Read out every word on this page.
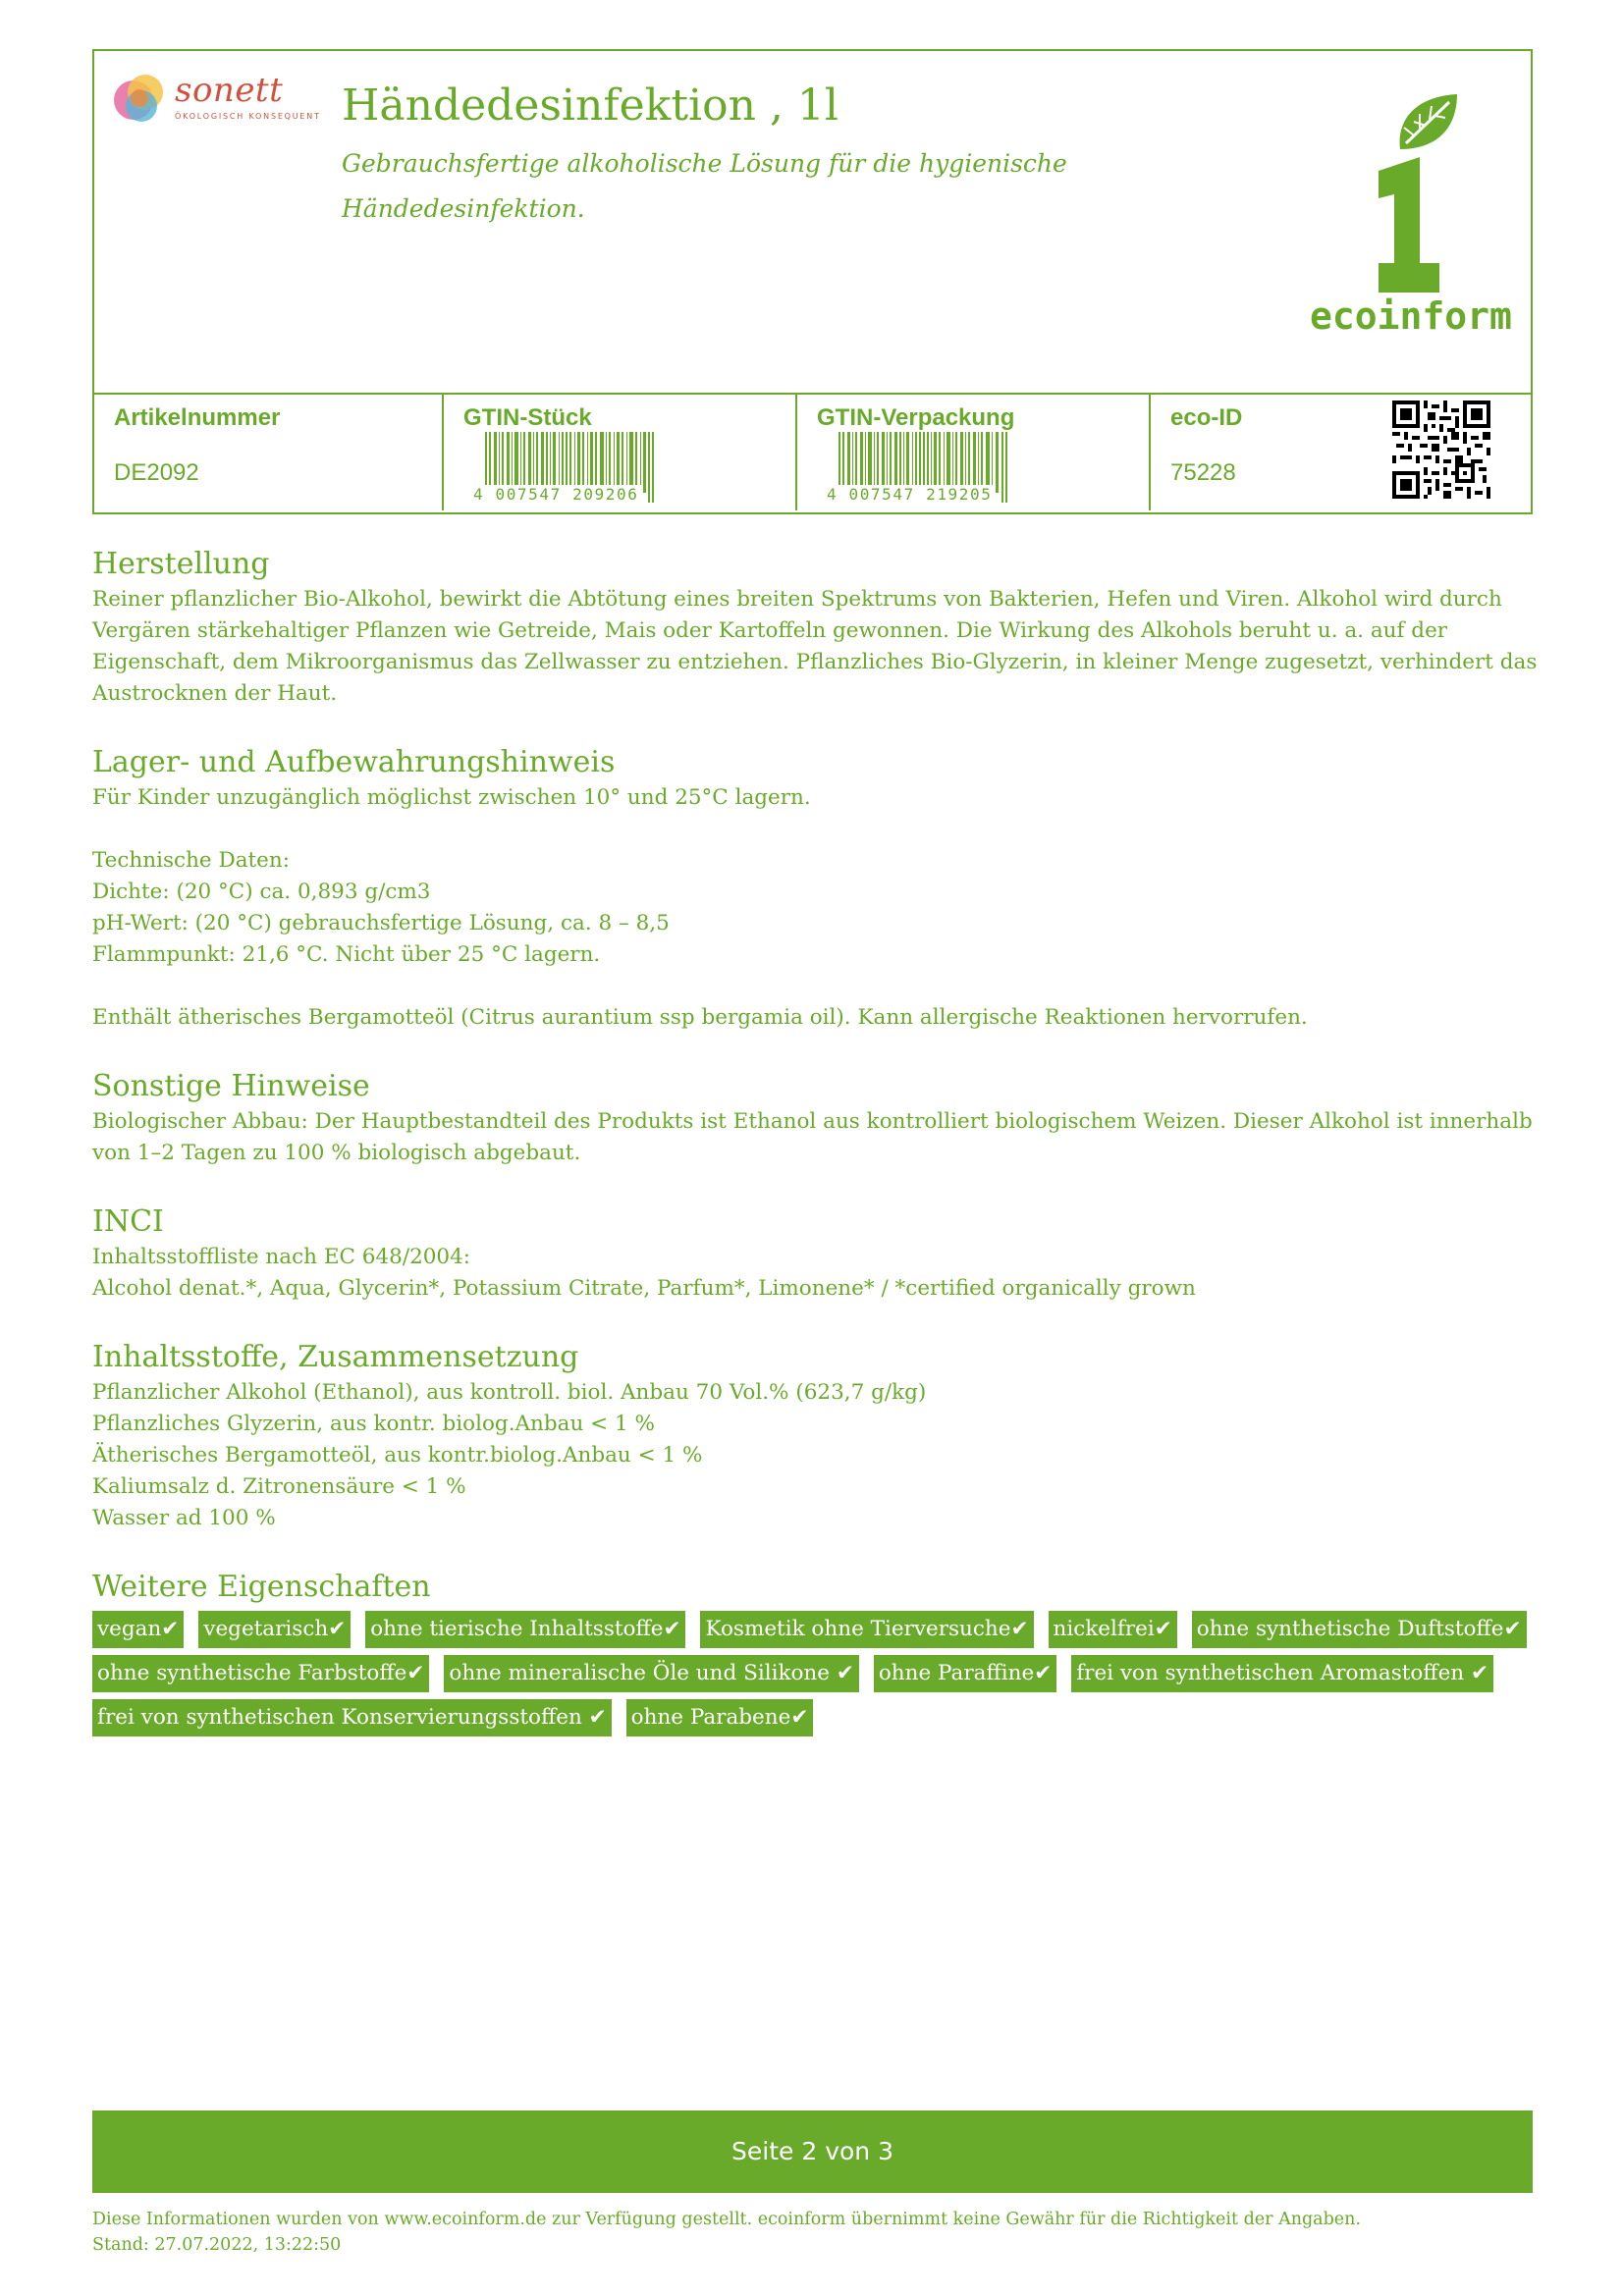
sonett
ÖKOLOGISCH KONSEQUENT Händedesinfektion , 1l
Gebrauchsfertige alkoholische Lösung für die hygienische Händedesinfektion.
ecoinform
Artikelnummer
DE2092
GTIN-Stück
4 007547 209206
GTIN-Verpackung
4 007547 219205
eco-ID
75228
Herstellung

Reiner pflanzlicher Bio-Alkohol, bewirkt die Abtötung eines breiten Spektrums von Bakterien, Hefen und Viren. Alkohol wird durch Vergären stärkehaltiger Pflanzen wie Getreide, Mais oder Kartoffeln gewonnen. Die Wirkung des Alkohols beruht u. a. auf der Eigenschaft, dem Mikroorganismus das Zellwasser zu entziehen. Pflanzliches Bio-Glyzerin, in kleiner Menge zugesetzt, verhindert das Austrocknen der Haut.

Lager- und Aufbewahrungshinweis

Für Kinder unzugänglich möglichst zwischen 10° und 25°C lagern.

Technische Daten:

Dichte: (20 °C) ca. 0,893 g/cm3

pH-Wert: (20 °C) gebrauchsfertige Lösung, ca. 8 – 8,5

Flammpunkt: 21,6 °C. Nicht über 25 °C lagern.

Enthält ätherisches Bergamotteöl (Citrus aurantium ssp bergamia oil). Kann allergische Reaktionen hervorrufen.

Sonstige Hinweise

Biologischer Abbau: Der Hauptbestandteil des Produkts ist Ethanol aus kontrolliert biologischem Weizen. Dieser Alkohol ist innerhalb von 1–2 Tagen zu 100 % biologisch abgebaut.

INCI

Inhaltsstoffliste nach EC 648/2004:

Alcohol denat.*, Aqua, Glycerin*, Potassium Citrate, Parfum*, Limonene* / *certified organically grown

Inhaltsstoffe, Zusammensetzung

Pflanzlicher Alkohol (Ethanol), aus kontroll. biol. Anbau 70 Vol.% (623,7 g/kg)

Pflanzliches Glyzerin, aus kontr. biolog.Anbau < 1 %

Ätherisches Bergamotteöl, aus kontr.biolog.Anbau < 1 %

Kaliumsalz d. Zitronensäure < 1 %

Wasser ad 100 %

Weitere Eigenschaften
vegan✔ vegetarisch✔ ohne tierische Inhaltsstoffe✔ Kosmetik ohne Tierversuche✔ nickelfrei✔ ohne synthetische Duftstoffe✔
ohne synthetische Farbstoffe✔ ohne mineralische Öle und Silikone ✔ ohne Paraffine✔ frei von synthetischen Aromastoffen ✔
frei von synthetischen Konservierungsstoffen ✔ ohne Parabene✔
Seite 2 von 3
Diese Informationen wurden von www.ecoinform.de zur Verfügung gestellt. ecoinform übernimmt keine Gewähr für die Richtigkeit der Angaben.
Stand: 27.07.2022, 13:22:50
